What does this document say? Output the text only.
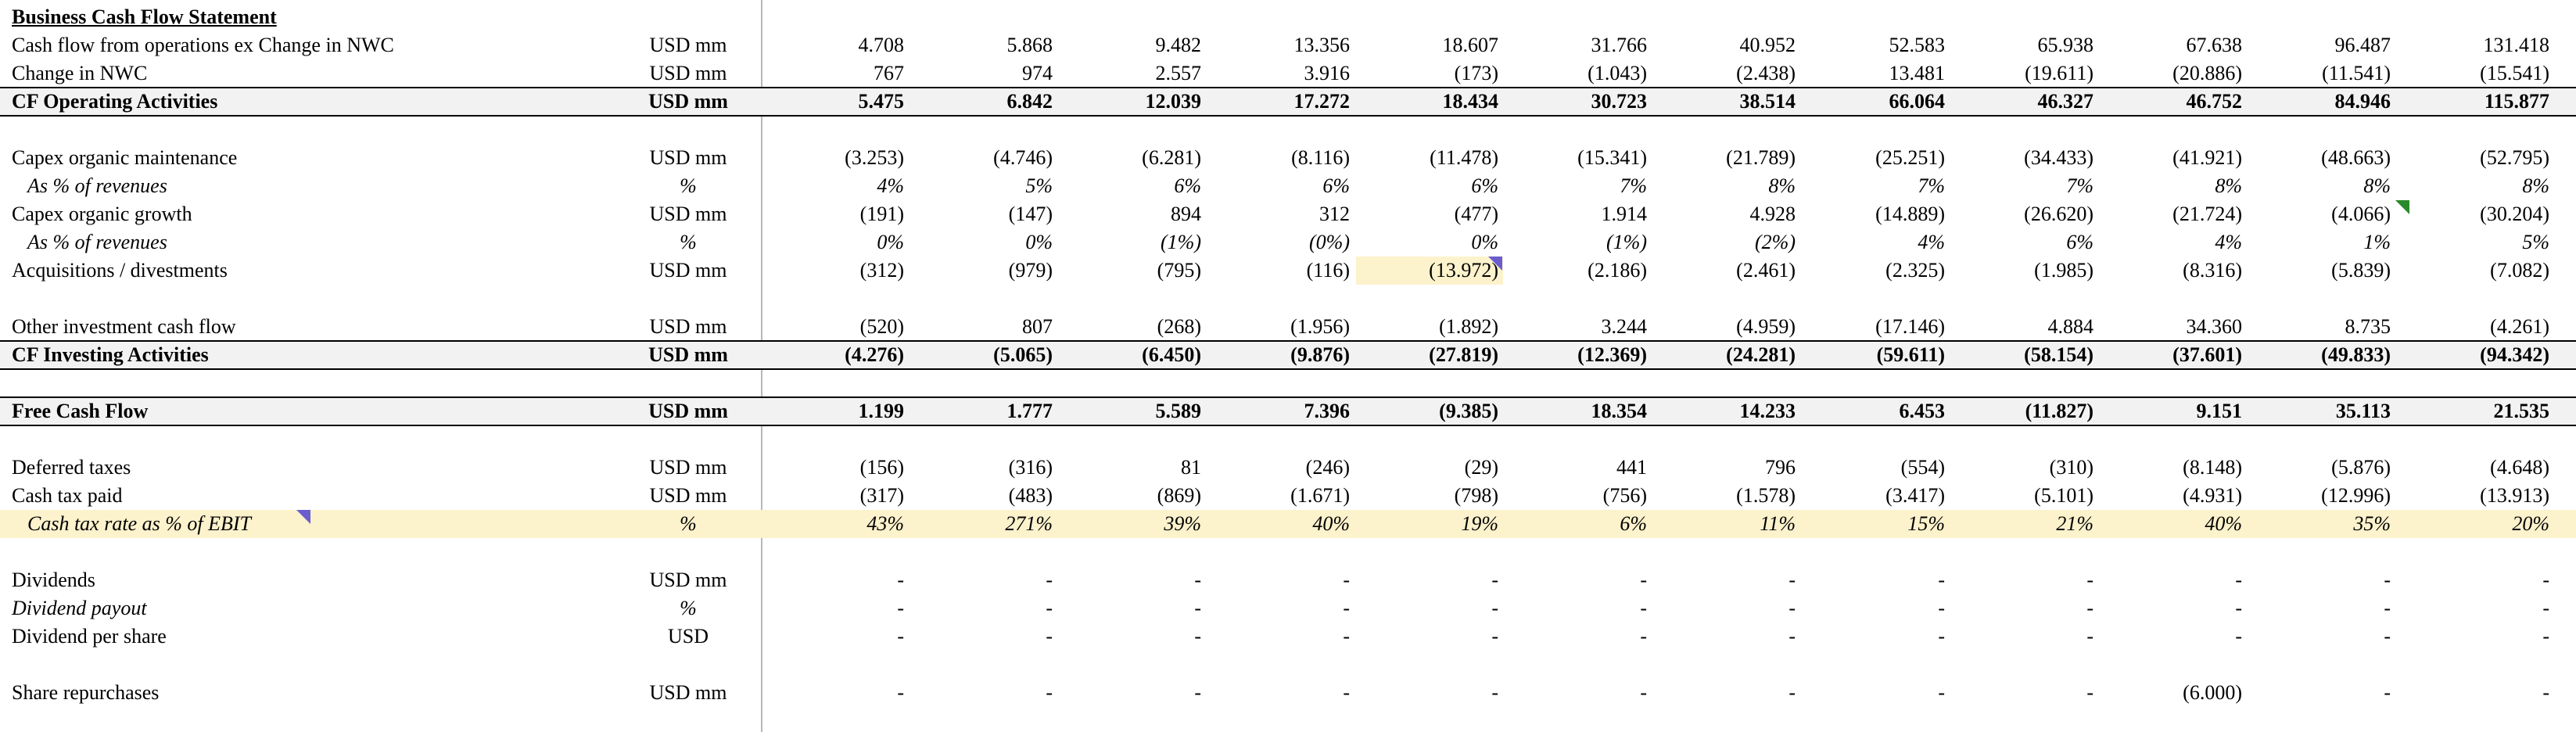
Business Cash Flow Statement
Cash flow from operations ex Change in NWC	USD mm	4.708	5.868	9.482	13.356	18.607	31.766	40.952	52.583	65.938	67.638	96.487	131.418
Change in NWC	USD mm	767	974	2.557	3.916	(173)	(1.043)	(2.438)	13.481	(19.611)	(20.886)	(11.541)	(15.541)
CF Operating Activities	USD mm	5.475	6.842	12.039	17.272	18.434	30.723	38.514	66.064	46.327	46.752	84.946	115.877
Capex organic maintenance	USD mm	(3.253)	(4.746)	(6.281)	(8.116)	(11.478)	(15.341)	(21.789)	(25.251)	(34.433)	(41.921)	(48.663)	(52.795)
As % of revenues	%	4%	5%	6%	6%	6%	7%	8%	7%	7%	8%	8%	8%
Capex organic growth	USD mm	(191)	(147)	894	312	(477)	1.914	4.928	(14.889)	(26.620)	(21.724)	(4.066)	(30.204)
As % of revenues	%	0%	0%	(1%)	(0%)	0%	(1%)	(2%)	4%	6%	4%	1%	5%
Acquisitions / divestments	USD mm	(312)	(979)	(795)	(116)	(13.972)	(2.186)	(2.461)	(2.325)	(1.985)	(8.316)	(5.839)	(7.082)
Other investment cash flow	USD mm	(520)	807	(268)	(1.956)	(1.892)	3.244	(4.959)	(17.146)	4.884	34.360	8.735	(4.261)
CF Investing Activities	USD mm	(4.276)	(5.065)	(6.450)	(9.876)	(27.819)	(12.369)	(24.281)	(59.611)	(58.154)	(37.601)	(49.833)	(94.342)
Free Cash Flow	USD mm	1.199	1.777	5.589	7.396	(9.385)	18.354	14.233	6.453	(11.827)	9.151	35.113	21.535
Deferred taxes	USD mm	(156)	(316)	81	(246)	(29)	441	796	(554)	(310)	(8.148)	(5.876)	(4.648)
Cash tax paid	USD mm	(317)	(483)	(869)	(1.671)	(798)	(756)	(1.578)	(3.417)	(5.101)	(4.931)	(12.996)	(13.913)
Cash tax rate as % of EBIT	%	43%	271%	39%	40%	19%	6%	11%	15%	21%	40%	35%	20%
Dividends	USD mm	-	-	-	-	-	-	-	-	-	-	-	-
Dividend payout	%	-	-	-	-	-	-	-	-	-	-	-	-
Dividend per share	USD	-	-	-	-	-	-	-	-	-	-	-	-
Share repurchases	USD mm	-	-	-	-	-	-	-	-	-	(6.000)	-	-
